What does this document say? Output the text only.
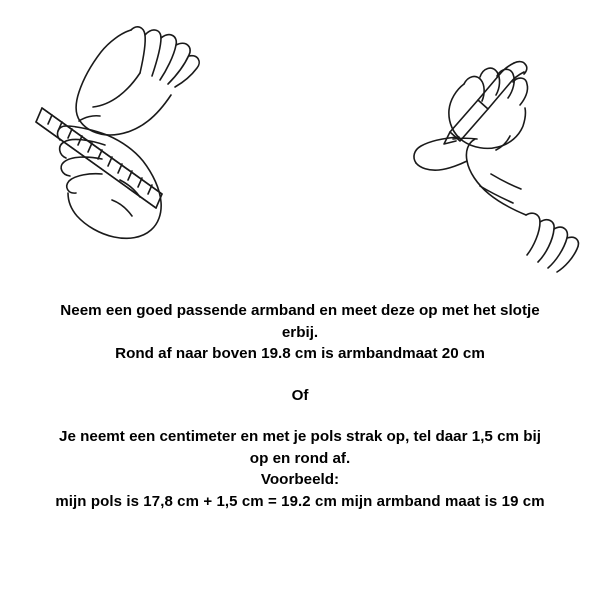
Neem een goed passende armband en meet deze op met het slotje
erbij.
Rond af naar boven 19.8 cm is armbandmaat 20 cm

Of

Je neemt een centimeter en met je pols strak op, tel daar 1,5 cm bij
op en rond af.
Voorbeeld:
mijn pols is 17,8 cm + 1,5 cm = 19.2 cm mijn armband maat is 19 cm
